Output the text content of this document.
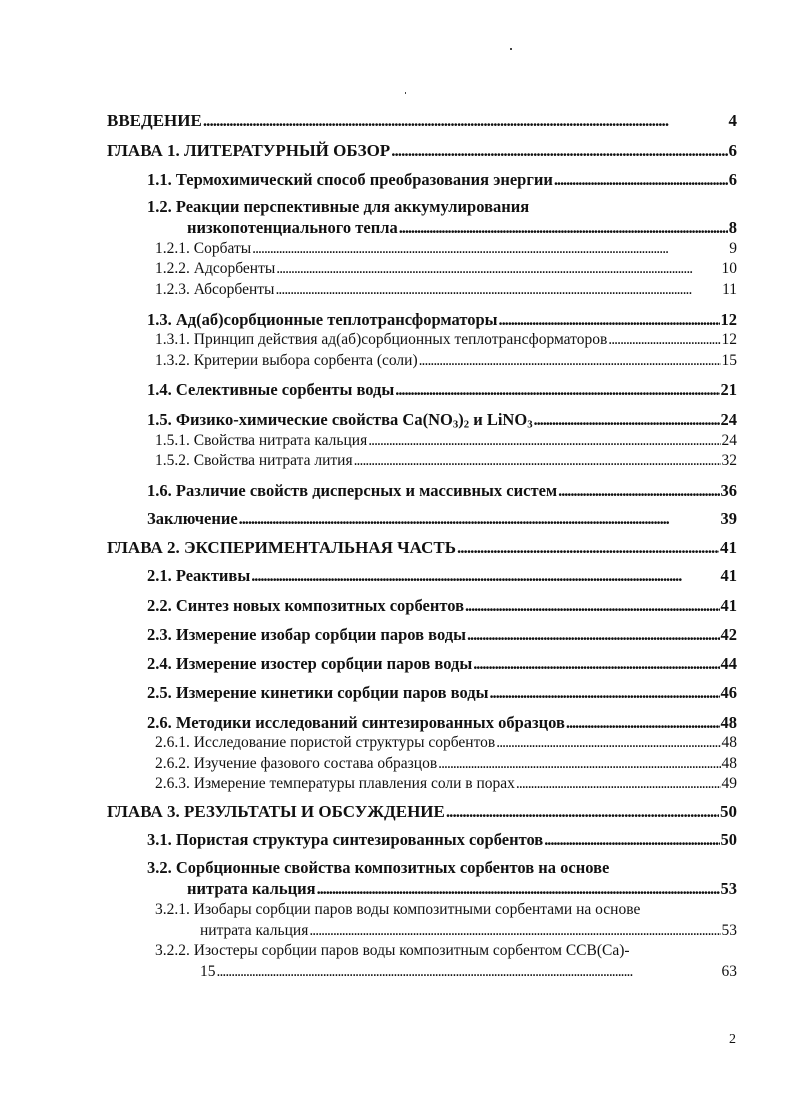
ВВЕДЕНИЕ . . .	4
ГЛАВА 1. ЛИТЕРАТУРНЫЙ ОБЗОР . . .	6
1.1. Термохимический способ преобразования энергии . . .	6
1.2. Реакции перспективные для аккумулирования
низкопотенциального тепла . . .	8
1.2.1. Сорбаты . . .	9
1.2.2. Адсорбенты . . .	10
1.2.3. Абсорбенты . . .	11
1.3. Ад(аб)сорбционные теплотрансформаторы . . .	12
1.3.1. Принцип действия ад(аб)сорбционных теплотрансформаторов . . .	12
1.3.2. Критерии выбора сорбента (соли) . . .	15
1.4. Селективные сорбенты воды . . .	21
1.5. Физико-химические свойства $Ca(NO_3)_2$ и LiNO$_3$ . . .	24
1.5.1. Свойства нитрата кальция . . .	24
1.5.2. Свойства нитрата лития . . .	32
1.6. Различие свойств дисперсных и массивных систем . . .	36
Заключение . . .	39
ГЛАВА 2. ЭКСПЕРИМЕНТАЛЬНАЯ ЧАСТЬ . . .	41
2.1. Реактивы . . .	41
2.2. Синтез новых композитных сорбентов . . .	41
2.3. Измерение изобар сорбции паров воды . . .	42
2.4. Измерение изостер сорбции паров воды . . .	44
2.5. Измерение кинетики сорбции паров воды . . .	46
2.6. Методики исследований синтезированных образцов . . .	48
2.6.1. Исследование пористой структуры сорбентов . . .	48
2.6.2. Изучение фазового состава образцов . . .	48
2.6.3. Измерение температуры плавления соли в порах . . .	49
ГЛАВА 3. РЕЗУЛЬТАТЫ И ОБСУЖДЕНИЕ . . .	50
3.1. Пористая структура синтезированных сорбентов . . .	50
3.2. Сорбционные свойства композитных сорбентов на основе
нитрата кальция . . .	53
3.2.1. Изобары сорбции паров воды композитными сорбентами на основе
нитрата кальция . . .	53
3.2.2. Изостеры сорбции паров воды композитным сорбентом ССВ(Ca)-
15 . . .	63
2
